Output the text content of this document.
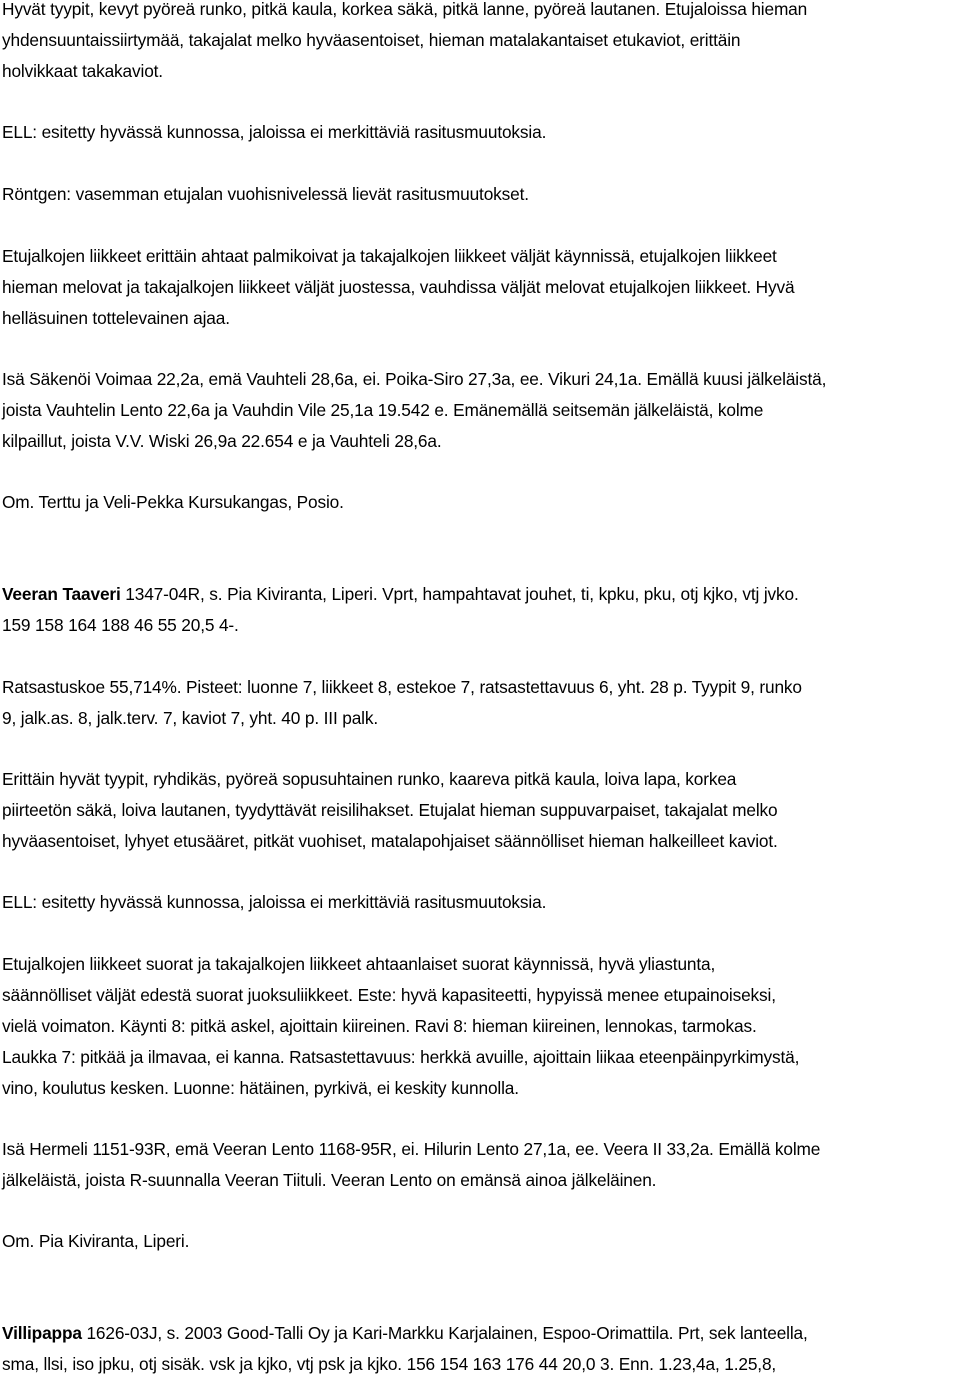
Hyvät tyypit, kevyt pyöreä runko, pitkä kaula, korkea säkä, pitkä lanne, pyöreä lautanen. Etujaloissa hieman
yhdensuuntaissiirtymää, takajalat melko hyväasentoiset, hieman matalakantaiset etukaviot, erittäin
holvikkaat takakaviot.
ELL: esitetty hyvässä kunnossa, jaloissa ei merkittäviä rasitusmuutoksia.
Röntgen: vasemman etujalan vuohisnivelessä lievät rasitusmuutokset.
Etujalkojen liikkeet erittäin ahtaat palmikoivat ja takajalkojen liikkeet väljät käynnissä, etujalkojen liikkeet
hieman melovat ja takajalkojen liikkeet väljät juostessa, vauhdissa väljät melovat etujalkojen liikkeet. Hyvä
helläsuinen tottelevainen ajaa.
Isä Säkenöi Voimaa 22,2a, emä Vauhteli 28,6a, ei. Poika-Siro 27,3a, ee. Vikuri 24,1a. Emällä kuusi jälkeläistä,
joista Vauhtelin Lento 22,6a ja Vauhdin Vile 25,1a 19.542 e. Emänemällä seitsemän jälkeläistä, kolme
kilpaillut, joista V.V. Wiski 26,9a 22.654 e ja Vauhteli 28,6a.
Om. Terttu ja Veli-Pekka Kursukangas, Posio.
Veeran Taaveri 1347-04R, s. Pia Kiviranta, Liperi. Vprt, hampahtavat jouhet, ti, kpku, pku, otj kjko, vtj jvko.
159 158 164 188 46 55 20,5 4-.
Ratsastuskoe 55,714%. Pisteet: luonne 7, liikkeet 8, estekoe 7, ratsastettavuus 6, yht. 28 p. Tyypit 9, runko
9, jalk.as. 8, jalk.terv. 7, kaviot 7, yht. 40 p. III palk.
Erittäin hyvät tyypit, ryhdikäs, pyöreä sopusuhtainen runko, kaareva pitkä kaula, loiva lapa, korkea
piirteetön säkä, loiva lautanen, tyydyttävät reisilihakset. Etujalat hieman suppuvarpaiset, takajalat melko
hyväasentoiset, lyhyet etusääret, pitkät vuohiset, matalapohjaiset säännölliset hieman halkeilleet kaviot.
ELL: esitetty hyvässä kunnossa, jaloissa ei merkittäviä rasitusmuutoksia.
Etujalkojen liikkeet suorat ja takajalkojen liikkeet ahtaanlaiset suorat käynnissä, hyvä yliastunta,
säännölliset väljät edestä suorat juoksuliikkeet. Este: hyvä kapasiteetti, hypyissä menee etupainoiseksi,
vielä voimaton. Käynti 8: pitkä askel, ajoittain kiireinen. Ravi 8: hieman kiireinen, lennokas, tarmokas.
Laukka 7: pitkää ja ilmavaa, ei kanna. Ratsastettavuus: herkkä avuille, ajoittain liikaa eteenpäinpyrkimystä,
vino, koulutus kesken. Luonne: hätäinen, pyrkivä, ei keskity kunnolla.
Isä Hermeli 1151-93R, emä Veeran Lento 1168-95R, ei. Hilurin Lento 27,1a, ee. Veera II 33,2a. Emällä kolme
jälkeläistä, joista R-suunnalla Veeran Tiituli. Veeran Lento on emänsä ainoa jälkeläinen.
Om. Pia Kiviranta, Liperi.
Villipappa 1626-03J, s. 2003 Good-Talli Oy ja Kari-Markku Karjalainen, Espoo-Orimattila. Prt, sek lanteella,
sma, llsi, iso jpku, otj sisäk. vsk ja kjko, vtj psk ja kjko. 156 154 163 176 44 20,0 3. Enn. 1.23,4a, 1.25,8,
